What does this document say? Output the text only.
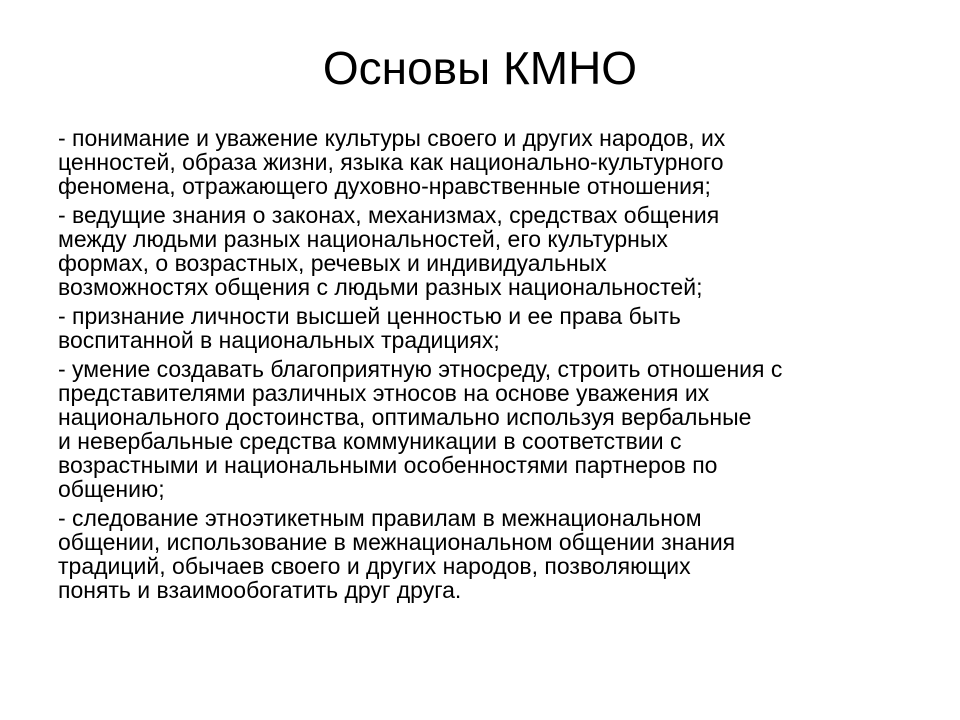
Основы КМНО
- понимание и уважение культуры своего и других народов, их
ценностей, образа жизни, языка как национально-культурного
феномена, отражающего духовно-нравственные отношения;
- ведущие знания о законах, механизмах, средствах общения
между людьми разных национальностей, его культурных
формах, о возрастных, речевых и индивидуальных
возможностях общения с людьми разных национальностей;
- признание личности высшей ценностью и ее права быть
воспитанной в национальных традициях;
- умение создавать благоприятную этносреду, строить отношения с
представителями различных этносов на основе уважения их
национального достоинства, оптимально используя вербальные
и невербальные средства коммуникации в соответствии с
возрастными и национальными особенностями партнеров по
общению;
- следование этноэтикетным правилам в межнациональном
общении, использование в межнациональном общении знания
традиций, обычаев своего и других народов, позволяющих
понять и взаимообогатить друг друга.
